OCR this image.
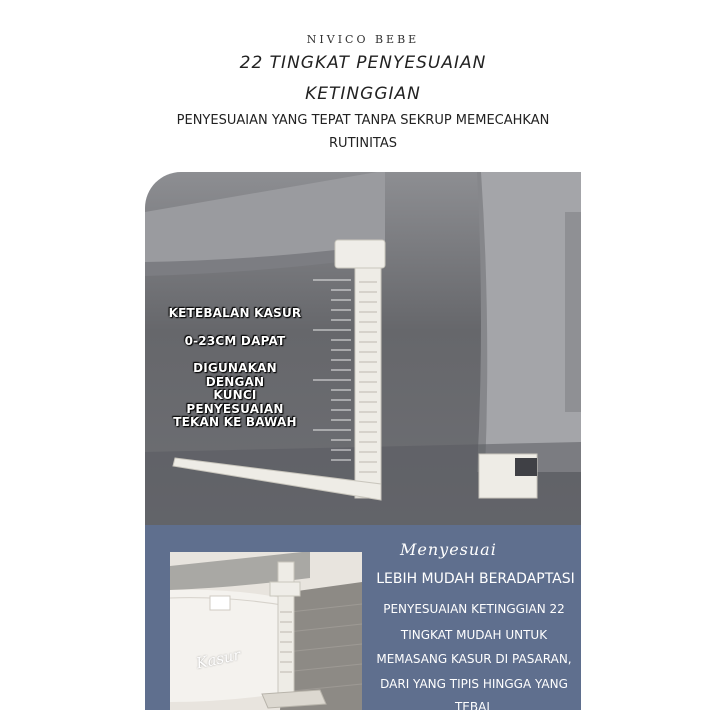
NIVICO BEBE
22 TINGKAT PENYESUAIAN
KETINGGIAN
PENYESUAIAN YANG TEPAT TANPA SEKRUP MEMECAHKAN
RUTINITAS
KETEBALAN KASUR
0-23CM DAPAT
DIGUNAKAN DENGAN
KUNCI PENYESUAIAN
TEKAN KE BAWAH
Kasur
Menyesuai
LEBIH MUDAH BERADAPTASI
PENYESUAIAN KETINGGIAN 22
TINGKAT MUDAH UNTUK
MEMASANG KASUR DI PASARAN,
DARI YANG TIPIS HINGGA YANG
TEBAL
